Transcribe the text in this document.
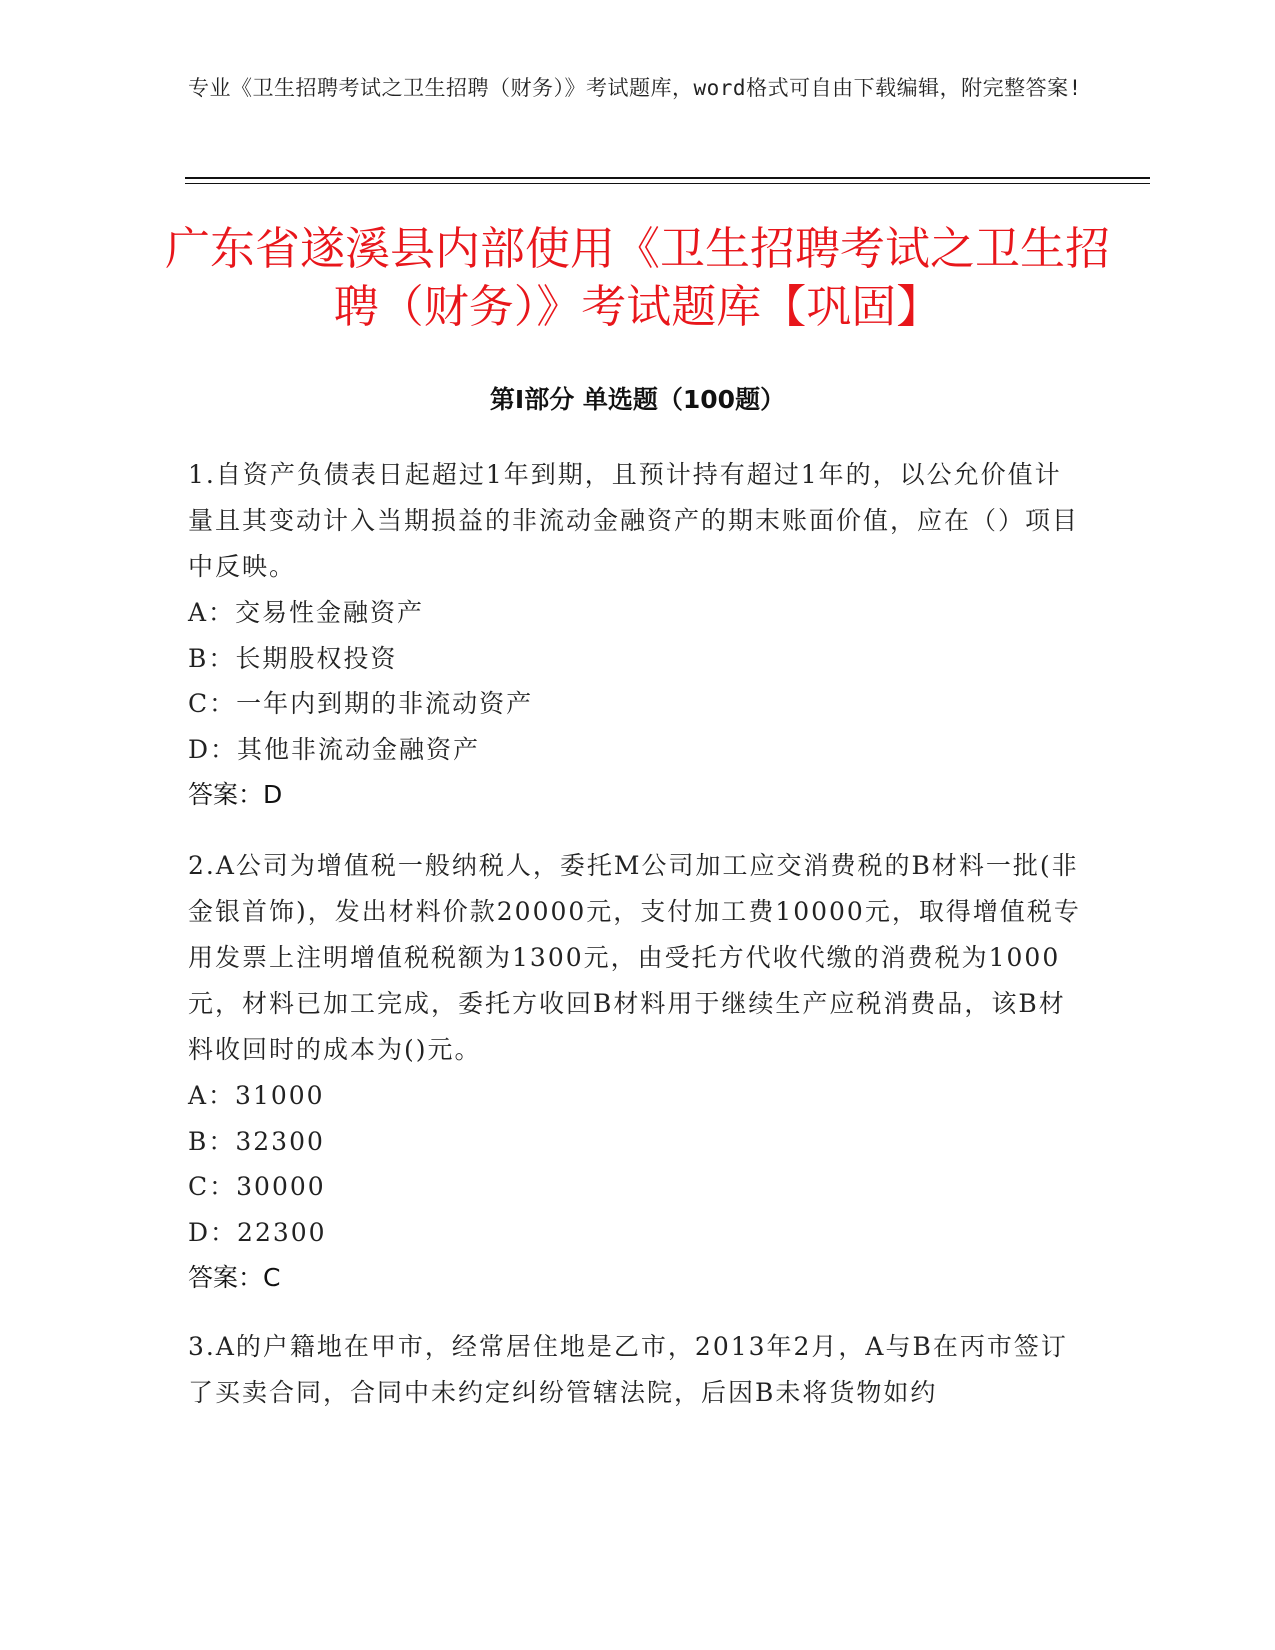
专业《卫生招聘考试之卫生招聘（财务）》考试题库，word格式可自由下载编辑，附完整答案!
广东省遂溪县内部使用《卫生招聘考试之卫生招聘（财务）》考试题库【巩固】
第I部分 单选题（100题）
1.自资产负债表日起超过1年到期，且预计持有超过1年的，以公允价值计量且其变动计入当期损益的非流动金融资产的期末账面价值，应在（）项目中反映。
A：交易性金融资产
B：长期股权投资
C：一年内到期的非流动资产
D：其他非流动金融资产
答案：D
2.A公司为增值税一般纳税人，委托M公司加工应交消费税的B材料一批(非金银首饰)，发出材料价款20000元，支付加工费10000元，取得增值税专用发票上注明增值税税额为1300元，由受托方代收代缴的消费税为1000元，材料已加工完成，委托方收回B材料用于继续生产应税消费品，该B材料收回时的成本为()元。
A：31000
B：32300
C：30000
D：22300
答案：C
3.A的户籍地在甲市，经常居住地是乙市，2013年2月，A与B在丙市签订了买卖合同，合同中未约定纠纷管辖法院，后因B未将货物如约
